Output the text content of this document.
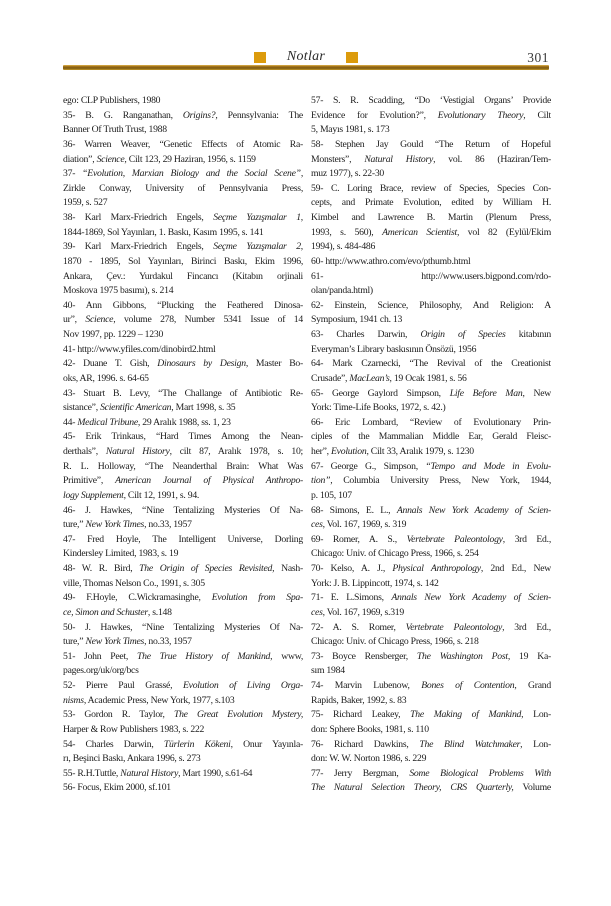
Notlar	301
ego: CLP Publishers, 1980
35- B. G. Ranganathan, Origins?, Pennsylvania: The
Banner Of Truth Trust, 1988
36- Warren Weaver, “Genetic Effects of Atomic Ra-
diation”, Science, Cilt 123, 29 Haziran, 1956, s. 1159
37- “Evolution, Marxian Biology and the Social Scene”,
Zirkle Conway, University of Pennsylvania Press,
1959, s. 527
38- Karl Marx-Friedrich Engels, Seçme Yazışmalar 1,
1844-1869, Sol Yayınları, 1. Baskı, Kasım 1995, s. 141
39- Karl Marx-Friedrich Engels, Seçme Yazışmalar 2,
1870 - 1895, Sol Yayınları, Birinci Baskı, Ekim 1996,
Ankara, Çev.: Yurdakul Fincancı (Kitabın orjinali
Moskova 1975 basımı), s. 214
40- Ann Gibbons, “Plucking the Feathered Dinosa-
ur”, Science, volume 278, Number 5341 Issue of 14
Nov 1997, pp. 1229 – 1230
41- http://www.yfiles.com/dinobird2.html
42- Duane T. Gish, Dinosaurs by Design, Master Bo-
oks, AR, 1996. s. 64-65
43- Stuart B. Levy, “The Challange of Antibiotic Re-
sistance”, Scientific American, Mart 1998, s. 35
44- Medical Tribune, 29 Aralık 1988, ss. 1, 23
45- Erik Trinkaus, “Hard Times Among the Nean-
derthals”, Natural History, cilt 87, Aralık 1978, s. 10;
R. L. Holloway, “The Neanderthal Brain: What Was
Primitive”, American Journal of Physical Anthropo-
logy Supplement, Cilt 12, 1991, s. 94.
46- J. Hawkes, “Nine Tentalizing Mysteries Of Na-
ture,” New York Times, no.33, 1957
47- Fred Hoyle, The Intelligent Universe, Dorling
Kindersley Limited, 1983, s. 19
48- W. R. Bird, The Origin of Species Revisited, Nash-
ville, Thomas Nelson Co., 1991, s. 305
49- F.Hoyle, C.Wickramasinghe, Evolution from Spa-
ce, Simon and Schuster, s.148
50- J. Hawkes, “Nine Tentalizing Mysteries Of Na-
ture,” New York Times, no.33, 1957
51- John Peet, The True History of Mankind, www,
pages.org/uk/org/bcs
52- Pierre Paul Grassé, Evolution of Living Orga-
nisms, Academic Press, New York, 1977, s.103
53- Gordon R. Taylor, The Great Evolution Mystery,
Harper & Row Publishers 1983, s. 222
54- Charles Darwin, Türlerin Kökeni, Onur Yayınla-
rı, Beşinci Baskı, Ankara 1996, s. 273
55- R.H.Tuttle, Natural History, Mart 1990, s.61-64
56- Focus, Ekim 2000, sf.101
57- S. R. Scadding, “Do ‘Vestigial Organs’ Provide
Evidence for Evolution?”, Evolutionary Theory, Cilt
5, Mayıs 1981, s. 173
58- Stephen Jay Gould “The Return of Hopeful
Monsters”, Natural History, vol. 86 (Haziran/Tem-
muz 1977), s. 22-30
59- C. Loring Brace, review of Species, Species Con-
cepts, and Primate Evolution, edited by William H.
Kimbel and Lawrence B. Martin (Plenum Press,
1993, s. 560), American Scientist, vol 82 (Eylül/Ekim
1994), s. 484-486
60- http://www.athro.com/evo/pthumb.html
61- http://www.users.bigpond.com/rdo-
olan/panda.html)
62- Einstein, Science, Philosophy, And Religion: A
Symposium, 1941 ch. 13
63- Charles Darwin, Origin of Species kitabının
Everyman’s Library baskısının Önsözü, 1956
64- Mark Czarnecki, “The Revival of the Creationist
Crusade”, MacLean’s, 19 Ocak 1981, s. 56
65- George Gaylord Simpson, Life Before Man, New
York: Time-Life Books, 1972, s. 42.)
66- Eric Lombard, “Review of Evolutionary Prin-
ciples of the Mammalian Middle Ear, Gerald Fleisc-
her”, Evolution, Cilt 33, Aralık 1979, s. 1230
67- George G., Simpson, “Tempo and Mode in Evolu-
tion”, Columbia University Press, New York, 1944,
p. 105, 107
68- Simons, E. L., Annals New York Academy of Scien-
ces, Vol. 167, 1969, s. 319
69- Romer, A. S., Vertebrate Paleontology, 3rd Ed.,
Chicago: Univ. of Chicago Press, 1966, s. 254
70- Kelso, A. J., Physical Anthropology, 2nd Ed., New
York: J. B. Lippincott, 1974, s. 142
71- E. L.Simons, Annals New York Academy of Scien-
ces, Vol. 167, 1969, s.319
72- A. S. Romer, Vertebrate Paleontology, 3rd Ed.,
Chicago: Univ. of Chicago Press, 1966, s. 218
73- Boyce Rensberger, The Washington Post, 19 Ka-
sım 1984
74- Marvin Lubenow, Bones of Contention, Grand
Rapids, Baker, 1992, s. 83
75- Richard Leakey, The Making of Mankind, Lon-
don: Sphere Books, 1981, s. 110
76- Richard Dawkins, The Blind Watchmaker, Lon-
don: W. W. Norton 1986, s. 229
77- Jerry Bergman, Some Biological Problems With
The Natural Selection Theory, CRS Quarterly, Volume
